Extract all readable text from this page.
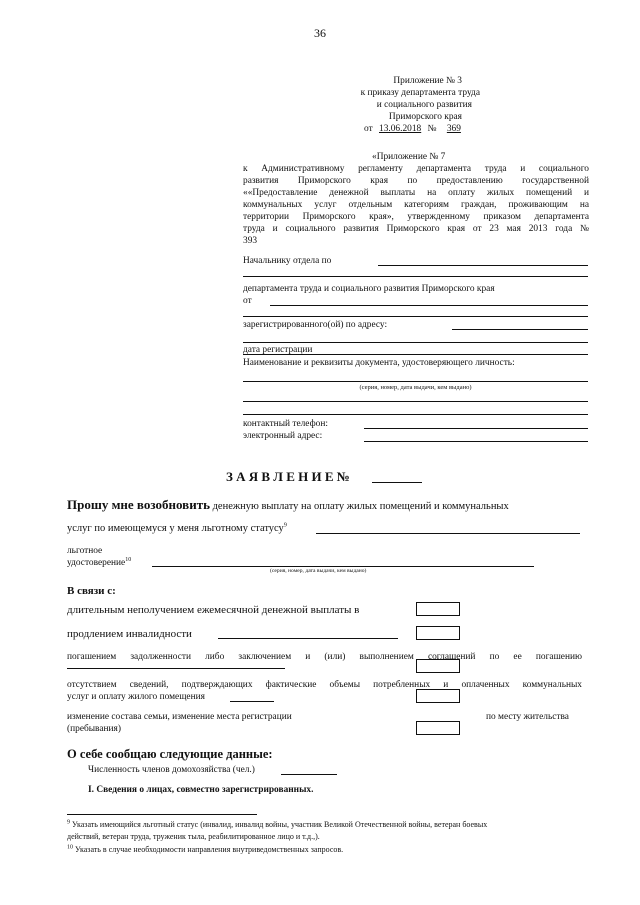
36
Приложение № 3
к приказу департамента труда
и социального развития
Приморского края
от 13.06.2018 № 369
«Приложение № 7
к Административному регламенту департамента труда и социального
развития Приморского края по предоставлению государственной
««Предоставление денежной выплаты на оплату жилых помещений и
коммунальных услуг отдельным категориям граждан, проживающим на
территории Приморского края», утвержденному приказом департамента
труда и социального развития Приморского края от 23 мая 2013 года №
393
Начальнику отдела по
департамента труда и социального развития Приморского края
от
зарегистрированного(ой) по адресу:
дата регистрации
Наименование и реквизиты документа, удостоверяющего личность:
(серия, номер, дата выдачи, кем выдано)
контактный телефон:
электронный адрес:
З А Я В Л Е Н И Е №
Прошу мне возобновить денежную выплату на оплату жилых помещений и коммунальных
услуг по имеющемуся у меня льготному статусу$^9$
льготное
удостоверение$^{10}$
(серия, номер, дата выдачи, кем выдано)
В связи с:
длительным неполучением ежемесячной денежной выплаты в
продлением инвалидности
погашением задолженности либо заключением и (или) выполнением соглашений по ее погашению
отсутствием сведений, подтверждающих фактические объемы потребленных и оплаченных коммунальных
услуг и оплату жилого помещения
изменение состава семьи, изменение места регистрации
(пребывания)
по месту жительства
О себе сообщаю следующие данные:
Численность членов домохозяйства (чел.)
I. Сведения о лицах, совместно зарегистрированных.
$^9$ Указать имеющийся льготный статус (инвалид, инвалид войны, участник Великой Отечественной войны, ветеран боевых
действий, ветеран труда, труженик тыла, реабилитированное лицо и т.д.,).
$^{10}$ Указать в случае необходимости направления внутриведомственных запросов.
